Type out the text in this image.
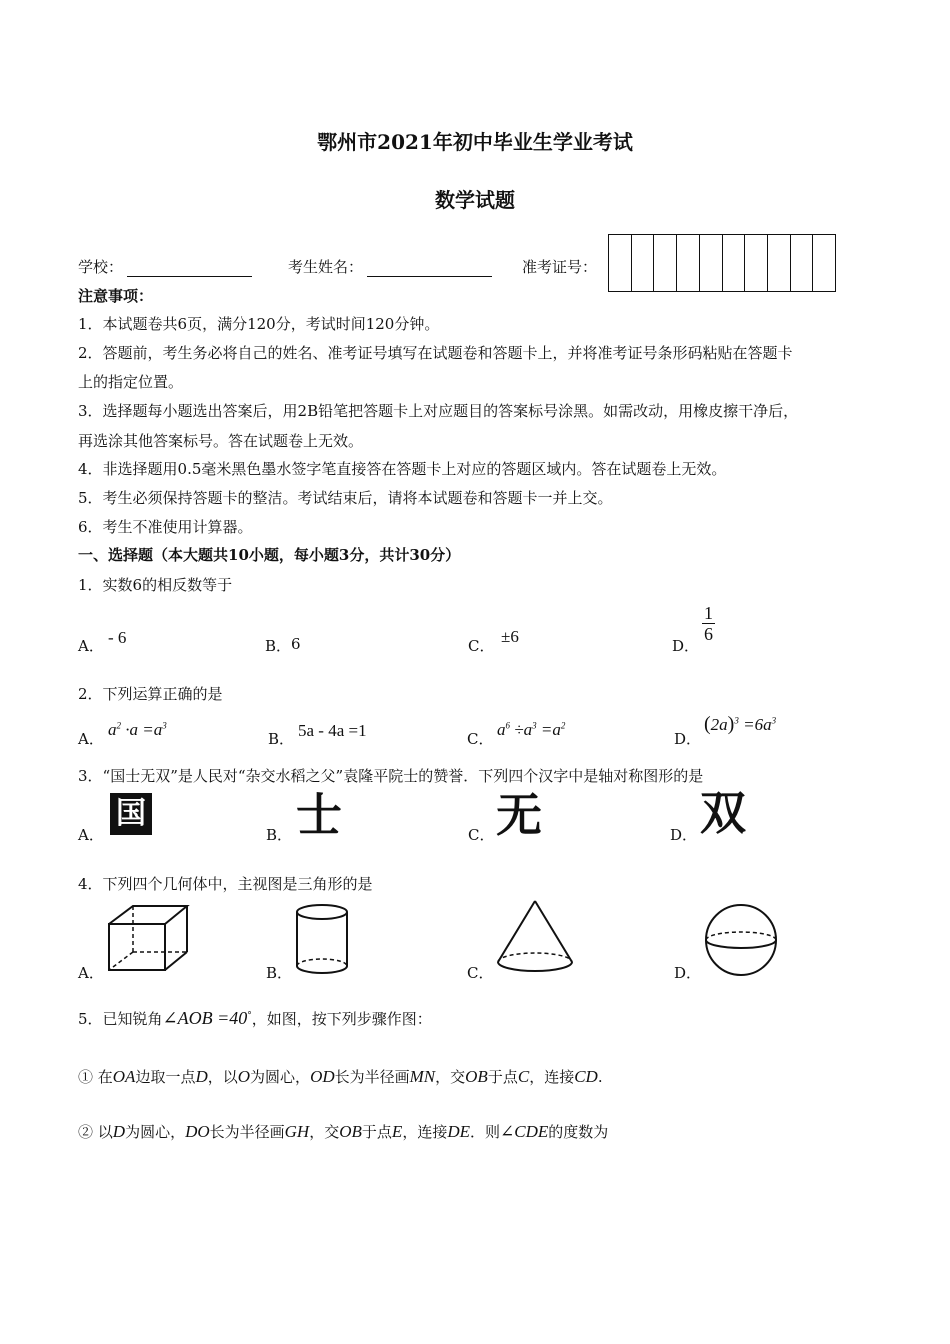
鄂州市2021年初中毕业生学业考试
数学试题
学校：	考生姓名：	准考证号：
注意事项：
1．本试题卷共6页，满分120分，考试时间120分钟。
2．答题前，考生务必将自己的姓名、准考证号填写在试题卷和答题卡上，并将准考证号条形码粘贴在答题卡
上的指定位置。
3．选择题每小题选出答案后，用2B铅笔把答题卡上对应题目的答案标号涂黑。如需改动，用橡皮擦干净后，
再选涂其他答案标号。答在试题卷上无效。
4．非选择题用0.5毫米黑色墨水签字笔直接答在答题卡上对应的答题区域内。答在试题卷上无效。
5．考生必须保持答题卡的整洁。考试结束后，请将本试题卷和答题卡一并上交。
6．考生不准使用计算器。
一、选择题（本大题共10小题，每小题3分，共计30分）
1．实数6的相反数等于
A． - 6	B． 6	C． ±6	D．
$\frac{1}{6}$
2．下列运算正确的是
A． $a^2 \cdot a =a^3$
B． 5a - 4a =1	C． $a^6 \div a^3 =a^2$
D．
$(2a)^3 =6a^3$
3．“国士无双”是人民对“杂交水稻之父”袁隆平院士的赞誉．下列四个汉字中是轴对称图形的是
A．
国
B． 士	C． 无	D． 双
4．下列四个几何体中，主视图是三角形的是
A．	B．	C．	D．
5．已知锐角∠AOB =40°，如图，按下列步骤作图：
① 在OA边取一点D，以O为圆心，OD长为半径画MN，交OB于点C，连接CD.
② 以D为圆心，DO长为半径画GH，交OB于点E，连接DE．则∠CDE的度数为
